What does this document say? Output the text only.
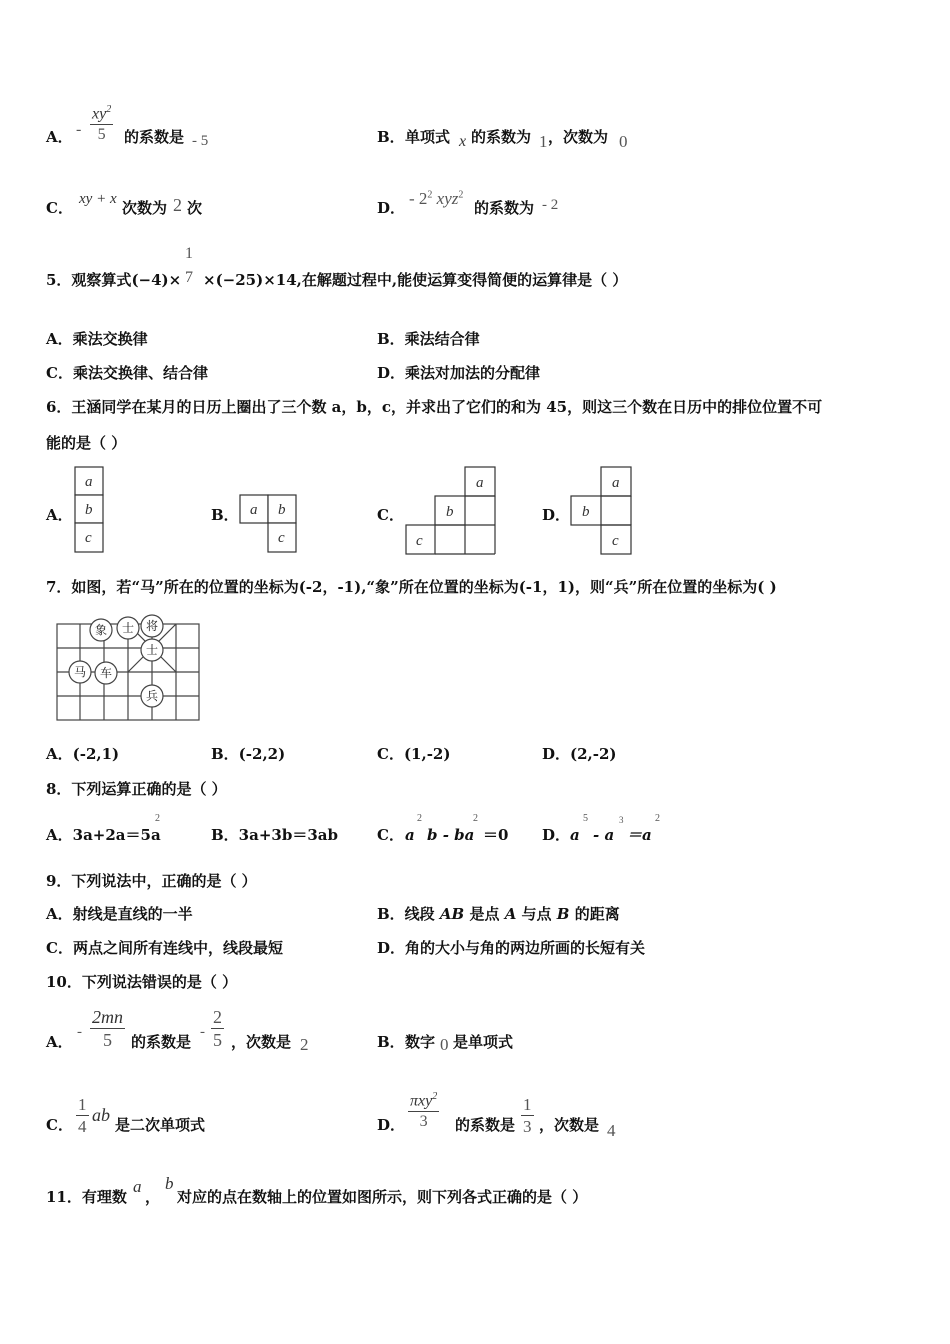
A． - $\frac{xy^2}{5}$ 的系数是 - 5	B． 单项式 x 的系数为 1 ，次数为 0
C． xy + x 次数为 2 次	D． - $2^2$ xyz$^2$
的系数为 - 2
5．观察算式(−4)×
1
7 ×(−25)×14,在解题过程中,能使运算变得简便的运算律是（ ）
A．乘法交换律	B．乘法结合律
C．乘法交换律、结合律	D．乘法对加法的分配律
6．王涵同学在某月的日历上圈出了三个数 a，b，c，并求出了它们的和为 45，则这三个数在日历中的排位位置不可
能的是（ ）
A．
a
b
c
B． a b
c
C．
a
b
c
D．
a
b
c
7．如图，若“马”所在的位置的坐标为(-2，-1),“象”所在位置的坐标为(-1，1)，则“兵”所在位置的坐标为( )
象 士 将
士
马 车
兵
A．(-2,1)	B．(-2,2)	C．(1,-2)	D．(2,-2)
8．下列运算正确的是（ ）
A．3a+2a＝5a
2
B．3a+3b＝3ab	C． a
2
b - ba
2
＝0 D． a
5
- a
3
＝a
2
9．下列说法中，正确的是（ ）
A．射线是直线的一半	B．线段 AB 是点 A 与点 B 的距离
C．两点之间所有连线中，线段最短	D．角的大小与角的两边所画的长短有关
10．下列说法错误的是（ ）
A．
- $\frac{2mn}{5}$ 的系数是
- $\frac{2}{5}$ ，次数是 2	B． 数字 0 是单项式
C． $\frac{1}{4}$ ab 是二次单项式	D．
πxy$^2$
3 的系数是 $\frac{1}{3}$ ，次数是 4
11．有理数
a
，
b
对应的点在数轴上的位置如图所示，则下列各式正确的是（ ）
